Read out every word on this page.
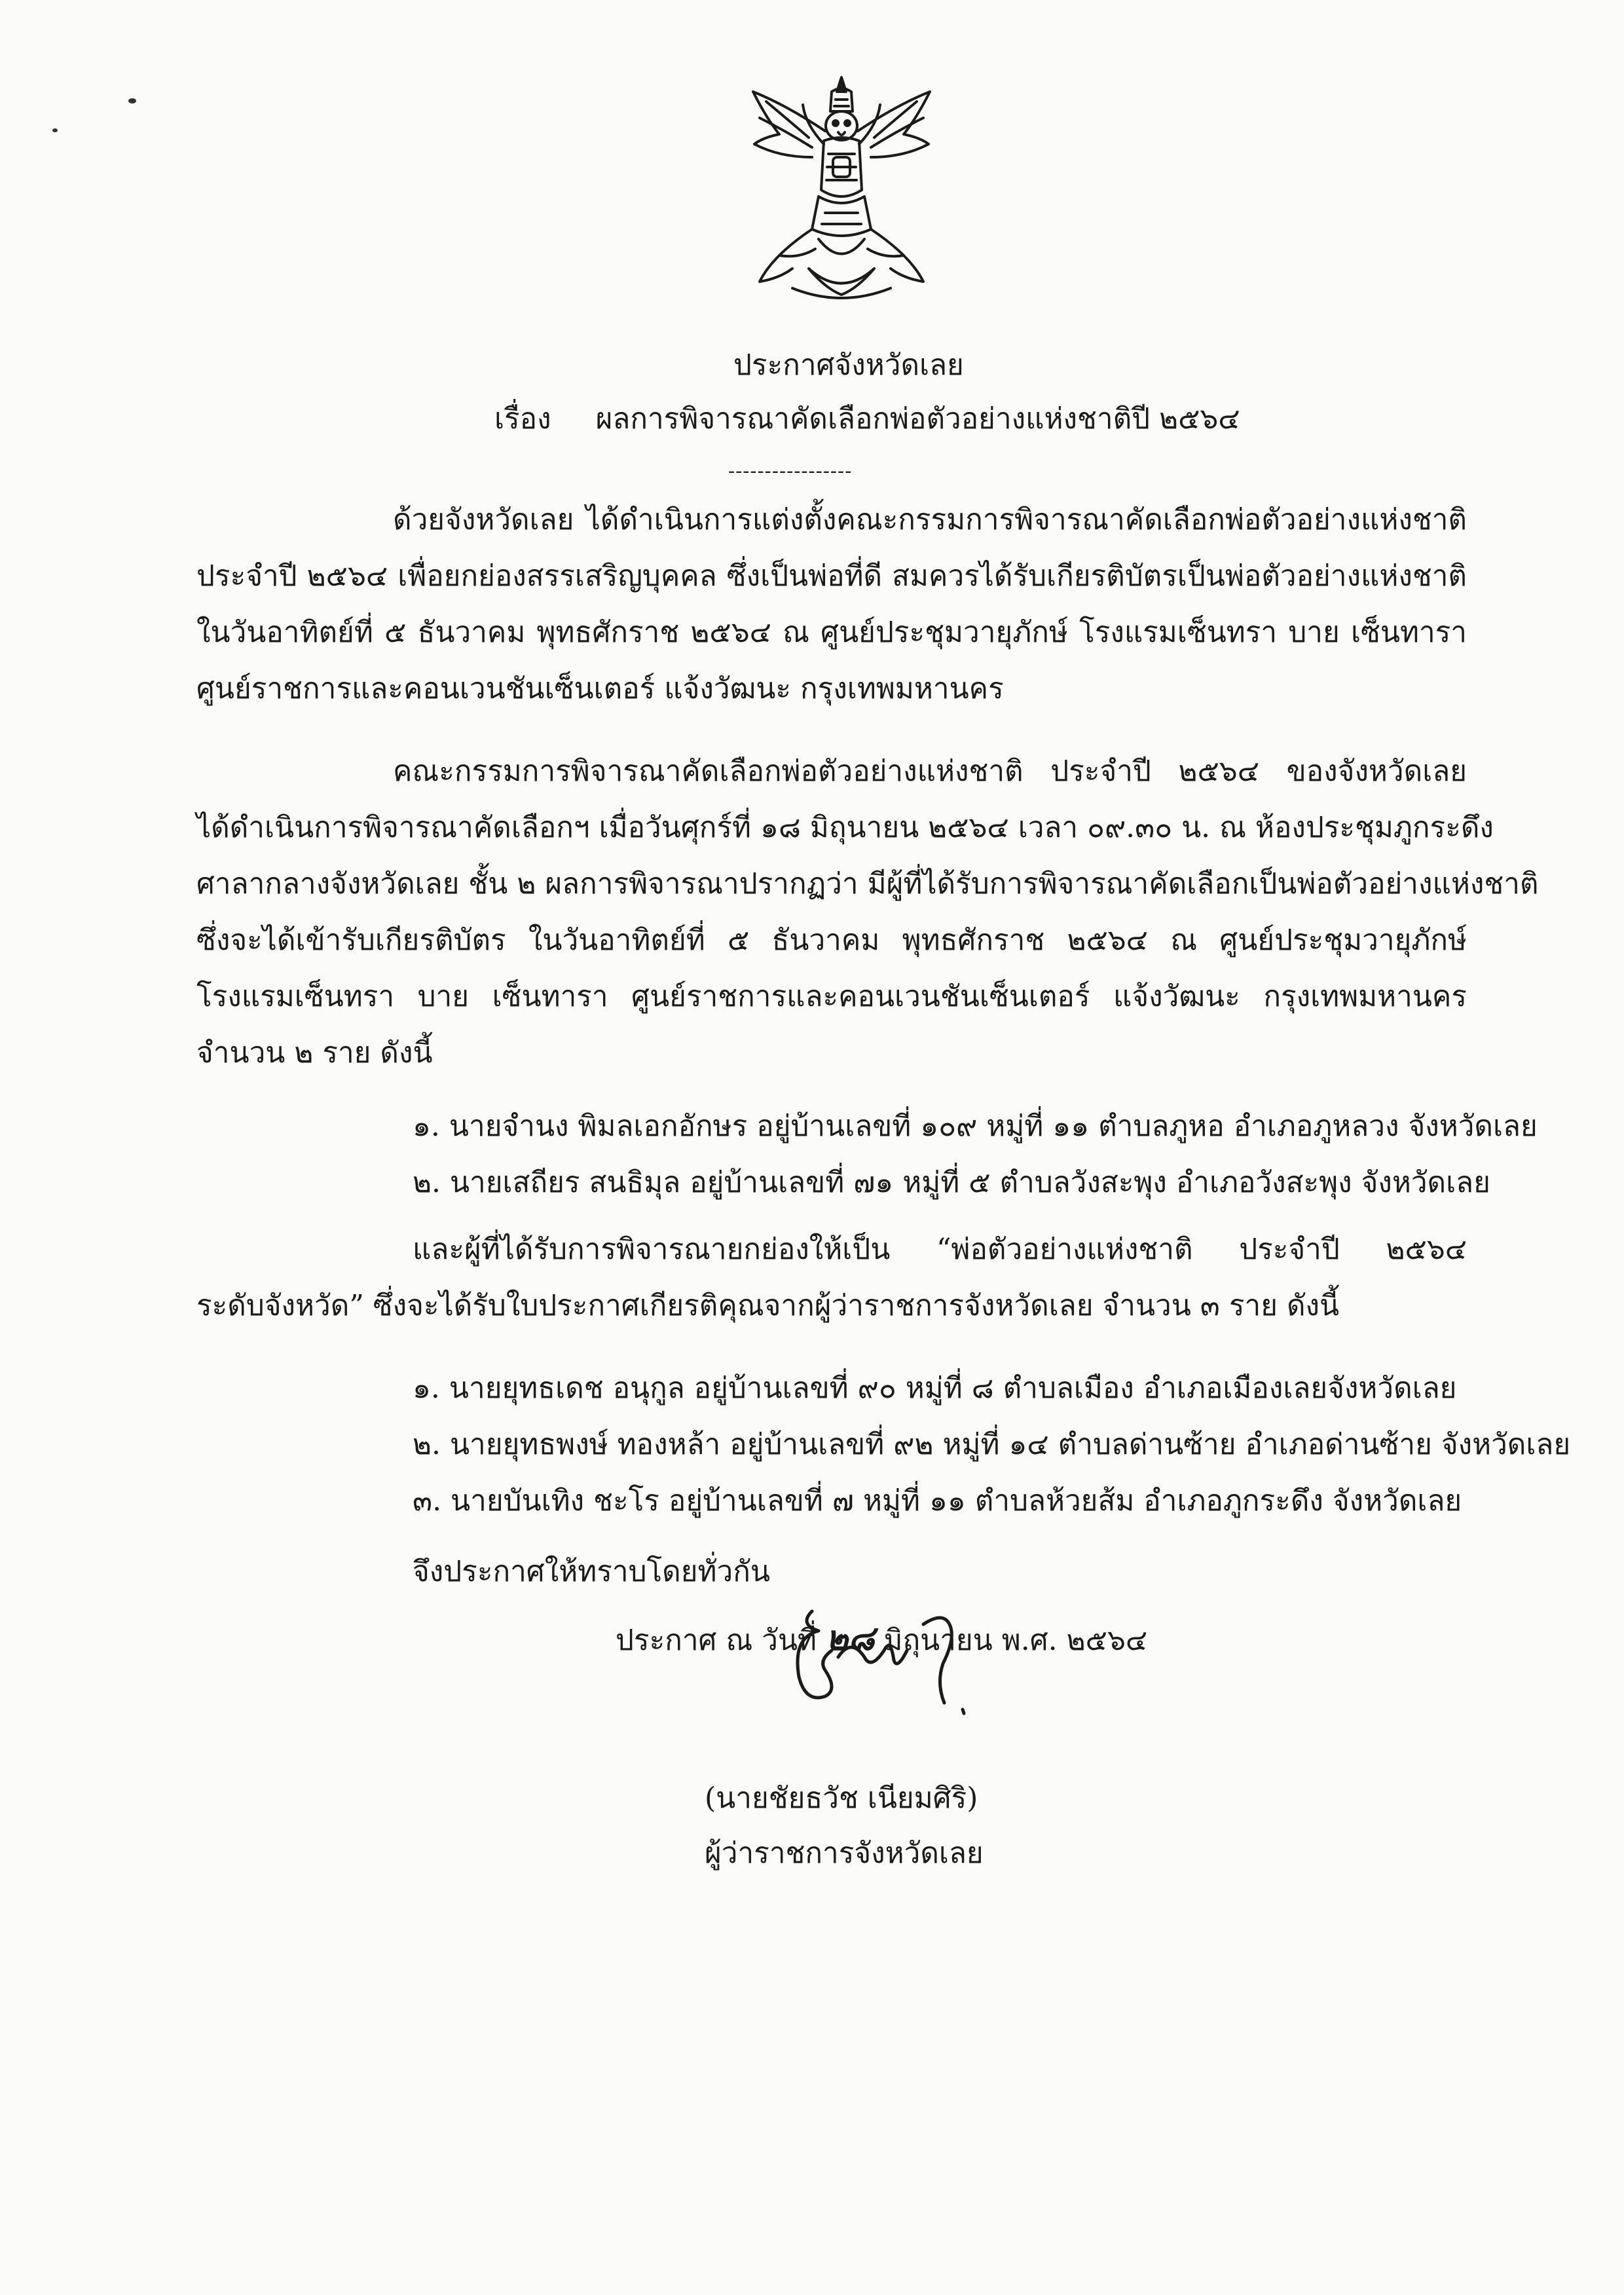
ประกาศจังหวัดเลย
เรื่อง ผลการพิจารณาคัดเลือกพ่อตัวอย่างแห่งชาติปี ๒๕๖๔
-----------------
ด้วยจังหวัดเลย ได้ดำเนินการแต่งตั้งคณะกรรมการพิจารณาคัดเลือกพ่อตัวอย่างแห่งชาติ
ประจำปี ๒๕๖๔ เพื่อยกย่องสรรเสริญบุคคล ซึ่งเป็นพ่อที่ดี สมควรได้รับเกียรติบัตรเป็นพ่อตัวอย่างแห่งชาติ
ในวันอาทิตย์ที่ ๕ ธันวาคม พุทธศักราช ๒๕๖๔ ณ ศูนย์ประชุมวายุภักษ์ โรงแรมเซ็นทรา บาย เซ็นทารา
ศูนย์ราชการและคอนเวนชันเซ็นเตอร์ แจ้งวัฒนะ กรุงเทพมหานคร
คณะกรรมการพิจารณาคัดเลือกพ่อตัวอย่างแห่งชาติ ประจำปี ๒๕๖๔ ของจังหวัดเลย
ได้ดำเนินการพิจารณาคัดเลือกฯ เมื่อวันศุกร์ที่ ๑๘ มิถุนายน ๒๕๖๔ เวลา ๐๙.๓๐ น. ณ ห้องประชุมภูกระดึง
ศาลากลางจังหวัดเลย ชั้น ๒ ผลการพิจารณาปรากฏว่า มีผู้ที่ได้รับการพิจารณาคัดเลือกเป็นพ่อตัวอย่างแห่งชาติ
ซึ่งจะได้เข้ารับเกียรติบัตร ในวันอาทิตย์ที่ ๕ ธันวาคม พุทธศักราช ๒๕๖๔ ณ ศูนย์ประชุมวายุภักษ์
โรงแรมเซ็นทรา บาย เซ็นทารา ศูนย์ราชการและคอนเวนชันเซ็นเตอร์ แจ้งวัฒนะ กรุงเทพมหานคร
จำนวน ๒ ราย ดังนี้
๑. นายจำนง พิมลเอกอักษร อยู่บ้านเลขที่ ๑๐๙ หมู่ที่ ๑๑ ตำบลภูหอ อำเภอภูหลวง จังหวัดเลย
๒. นายเสถียร สนธิมุล อยู่บ้านเลขที่ ๗๑ หมู่ที่ ๕ ตำบลวังสะพุง อำเภอวังสะพุง จังหวัดเลย
และผู้ที่ได้รับการพิจารณายกย่องให้เป็น “พ่อตัวอย่างแห่งชาติ ประจำปี ๒๕๖๔
ระดับจังหวัด” ซึ่งจะได้รับใบประกาศเกียรติคุณจากผู้ว่าราชการจังหวัดเลย จำนวน ๓ ราย ดังนี้
๑. นายยุทธเดช อนุกูล อยู่บ้านเลขที่ ๙๐ หมู่ที่ ๘ ตำบลเมือง อำเภอเมืองเลยจังหวัดเลย
๒. นายยุทธพงษ์ ทองหล้า อยู่บ้านเลขที่ ๙๒ หมู่ที่ ๑๔ ตำบลด่านซ้าย อำเภอด่านซ้าย จังหวัดเลย
๓. นายบันเทิง ชะโร อยู่บ้านเลขที่ ๗ หมู่ที่ ๑๑ ตำบลห้วยส้ม อำเภอภูกระดึง จังหวัดเลย
จึงประกาศให้ทราบโดยทั่วกัน
ประกาศ ณ วันที่ ๒๘ มิถุนายน พ.ศ. ๒๕๖๔
(นายชัยธวัช เนียมศิริ)
ผู้ว่าราชการจังหวัดเลย
